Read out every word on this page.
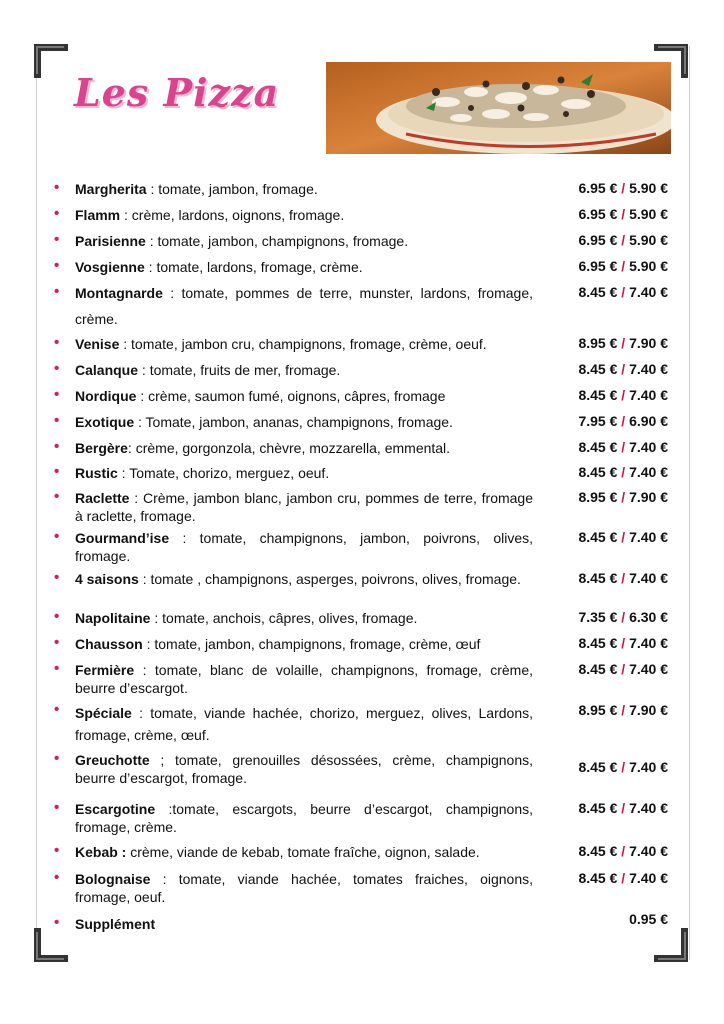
Les Pizza
• Margherita : tomate, jambon, fromage.	6.95 € / 5.90 €
• Flamm : crème, lardons, oignons, fromage.	6.95 € / 5.90 €
• Parisienne : tomate, jambon, champignons, fromage.	6.95 € / 5.90 €
• Vosgienne : tomate, lardons, fromage, crème.	6.95 € / 5.90 €
• Montagnarde : tomate, pommes de terre, munster, lardons, fromage, crème.
8.45 € / 7.40 €
• Venise : tomate, jambon cru, champignons, fromage, crème, oeuf.	8.95 € / 7.90 €
• Calanque : tomate, fruits de mer, fromage.	8.45 € / 7.40 €
• Nordique : crème, saumon fumé, oignons, câpres, fromage	8.45 € / 7.40 €
• Exotique : Tomate, jambon, ananas, champignons, fromage.	7.95 € / 6.90 €
• Bergère: crème, gorgonzola, chèvre, mozzarella, emmental.	8.45 € / 7.40 €
• Rustic : Tomate, chorizo, merguez, oeuf.	8.45 € / 7.40 €
• Raclette : Crème, jambon blanc, jambon cru, pommes de terre, fromage à raclette, fromage.
8.95 € / 7.90 €
• Gourmand’ise : tomate, champignons, jambon, poivrons, olives, fromage.
8.45 € / 7.40 €
• 4 saisons : tomate , champignons, asperges, poivrons, olives, fromage.	8.45 € / 7.40 €
• Napolitaine : tomate, anchois, câpres, olives, fromage.	7.35 € / 6.30 €
• Chausson : tomate, jambon, champignons, fromage, crème, œuf	8.45 € / 7.40 €
• Fermière : tomate, blanc de volaille, champignons, fromage, crème, beurre d’escargot.
8.45 € / 7.40 €
• Spéciale : tomate, viande hachée, chorizo, merguez, olives, Lardons, fromage, crème, œuf.
8.95 € / 7.90 €
• Greuchotte ; tomate, grenouilles désossées, crème, champignons, beurre d’escargot, fromage.
8.45 € / 7.40 €
• Escargotine :tomate, escargots, beurre d’escargot, champignons, fromage, crème.
8.45 € / 7.40 €
• Kebab : crème, viande de kebab, tomate fraîche, oignon, salade.	8.45 € / 7.40 €
• Bolognaise : tomate, viande hachée, tomates fraiches, oignons, fromage, oeuf.
8.45 € / 7.40 €
• Supplément	0.95 €
